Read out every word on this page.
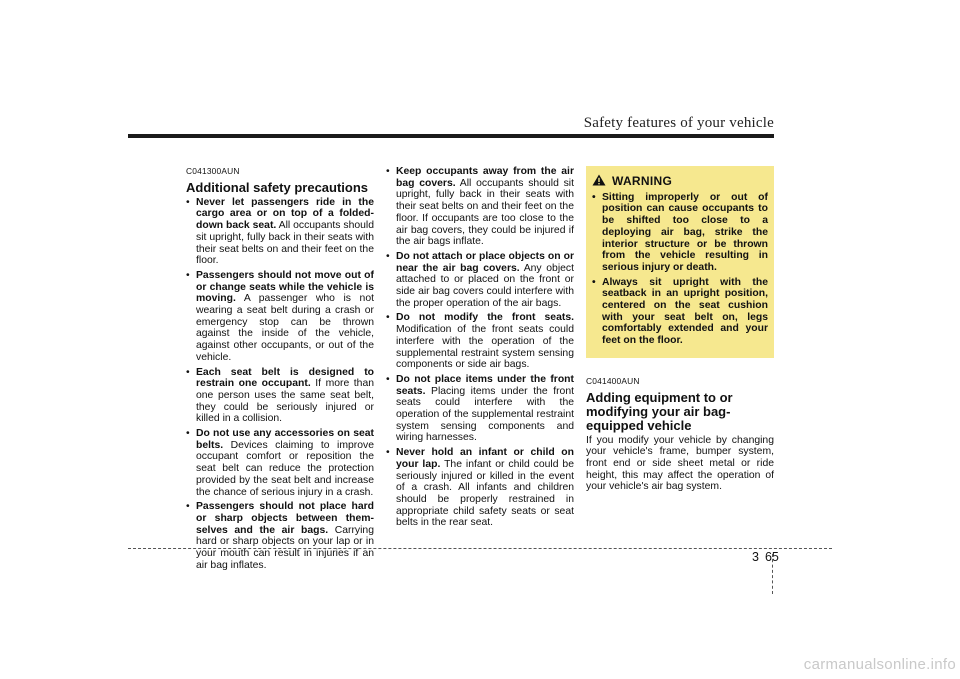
Safety features of your vehicle
C041300AUN
Additional safety precautions
• Never let passengers ride in the cargo area or on top of a folded-down back seat. All occupants should sit upright, fully back in their seats with their seat belts on and their feet on the floor.
• Passengers should not move out of or change seats while the vehicle is moving. A passenger who is not wearing a seat belt during a crash or emergency stop can be thrown against the inside of the vehicle, against other occupants, or out of the vehicle.
• Each seat belt is designed to restrain one occupant. If more than one person uses the same seat belt, they could be seriously injured or killed in a collision.
• Do not use any accessories on seat belts. Devices claiming to improve occupant comfort or reposition the seat belt can reduce the protection provided by the seat belt and increase the chance of serious injury in a crash.
• Passengers should not place hard or sharp objects between them-selves and the air bags. Carrying hard or sharp objects on your lap or in your mouth can result in injuries if an air bag inflates.
• Keep occupants away from the air bag covers. All occupants should sit upright, fully back in their seats with their seat belts on and their feet on the floor. If occupants are too close to the air bag covers, they could be injured if the air bags inflate.
• Do not attach or place objects on or near the air bag covers. Any object attached to or placed on the front or side air bag covers could interfere with the proper operation of the air bags.
• Do not modify the front seats. Modification of the front seats could interfere with the operation of the supplemental restraint system sensing components or side air bags.
• Do not place items under the front seats. Placing items under the front seats could interfere with the operation of the supplemental restraint system sensing components and wiring harnesses.
• Never hold an infant or child on your lap. The infant or child could be seriously injured or killed in the event of a crash. All infants and children should be properly restrained in appropriate child safety seats or seat belts in the rear seat.
WARNING
• Sitting improperly or out of position can cause occupants to be shifted too close to a deploying air bag, strike the interior structure or be thrown from the vehicle resulting in serious injury or death.
• Always sit upright with the seatback in an upright position, centered on the seat cushion with your seat belt on, legs comfortably extended and your feet on the floor.
C041400AUN
Adding equipment to or modifying your air bag-equipped vehicle
If you modify your vehicle by changing your vehicle's frame, bumper system, front end or side sheet metal or ride height, this may affect the operation of your vehicle's air bag system.
3 65
carmanualsonline.info
